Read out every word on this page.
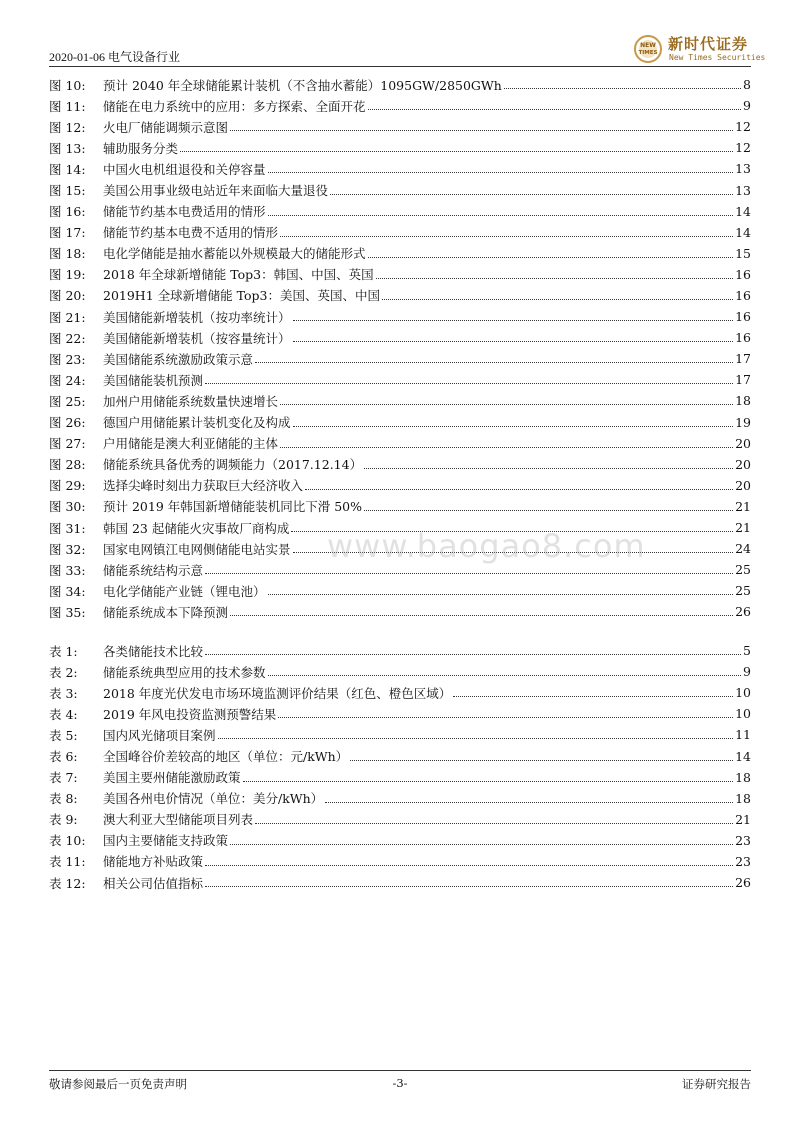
2020-01-06 电气设备行业
NEW
TIMES 新时代证券
New Times Securities
图 10:	预计 2040 年全球储能累计装机（不含抽水蓄能）1095GW/2850GWh	8
图 11:	储能在电力系统中的应用：多方探索、全面开花	9
图 12:	火电厂储能调频示意图	12
图 13:	辅助服务分类	12
图 14:	中国火电机组退役和关停容量	13
图 15:	美国公用事业级电站近年来面临大量退役	13
图 16:	储能节约基本电费适用的情形	14
图 17:	储能节约基本电费不适用的情形	14
图 18:	电化学储能是抽水蓄能以外规模最大的储能形式	15
图 19:	2018 年全球新增储能 Top3：韩国、中国、英国	16
图 20:	2019H1 全球新增储能 Top3：美国、英国、中国	16
图 21:	美国储能新增装机（按功率统计）	16
图 22:	美国储能新增装机（按容量统计）	16
图 23:	美国储能系统激励政策示意	17
图 24:	美国储能装机预测	17
图 25:	加州户用储能系统数量快速增长	18
图 26:	德国户用储能累计装机变化及构成	19
图 27:	户用储能是澳大利亚储能的主体	20
图 28:	储能系统具备优秀的调频能力（2017.12.14）	20
图 29:	选择尖峰时刻出力获取巨大经济收入	20
图 30:	预计 2019 年韩国新增储能装机同比下滑 50%	21
图 31:	韩国 23 起储能火灾事故厂商构成	21
图 32:	国家电网镇江电网侧储能电站实景	24
图 33:	储能系统结构示意	25
图 34:	电化学储能产业链（锂电池）	25
图 35:	储能系统成本下降预测	26
表 1:	各类储能技术比较	5
表 2:	储能系统典型应用的技术参数	9
表 3:	2018 年度光伏发电市场环境监测评价结果（红色、橙色区域）	10
表 4:	2019 年风电投资监测预警结果	10
表 5:	国内风光储项目案例	11
表 6:	全国峰谷价差较高的地区（单位：元/kWh）	14
表 7:	美国主要州储能激励政策	18
表 8:	美国各州电价情况（单位：美分/kWh）	18
表 9:	澳大利亚大型储能项目列表	21
表 10:	国内主要储能支持政策	23
表 11:	储能地方补贴政策	23
表 12:	相关公司估值指标	26
www.baogao8.com
敬请参阅最后一页免责声明	-3-	证券研究报告
